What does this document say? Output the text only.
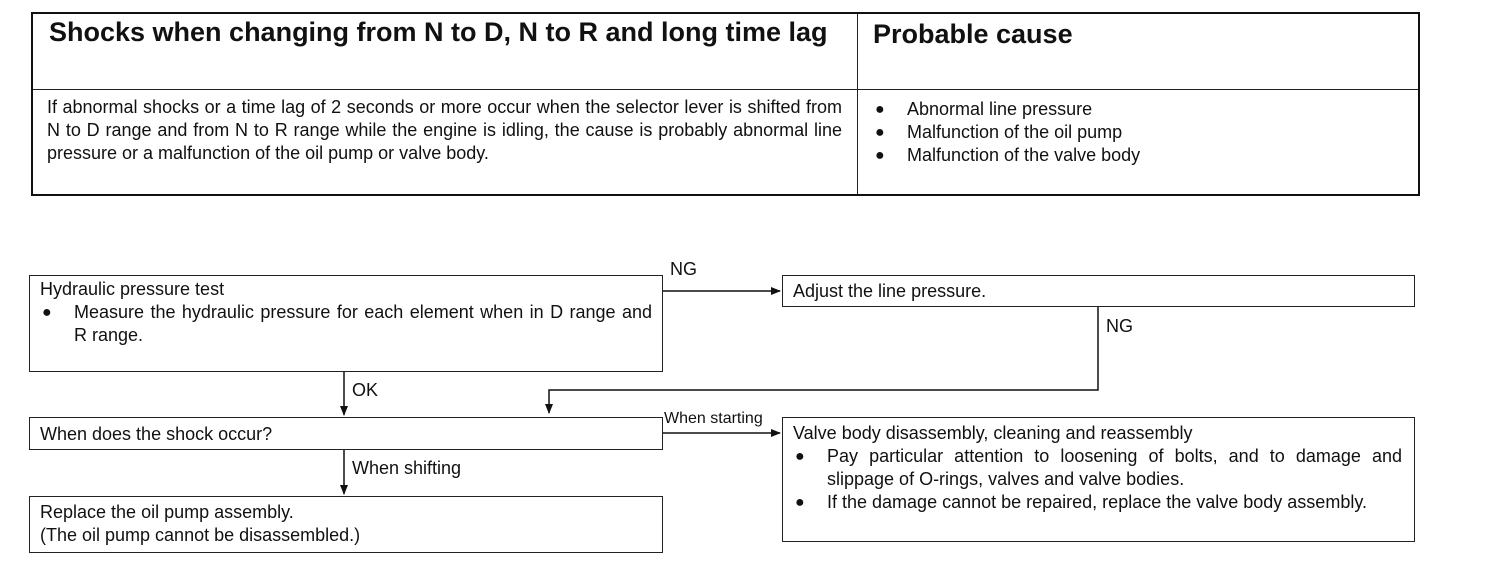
Shocks when changing from N to D, N to R and long time lag	Probable cause
If abnormal shocks or a time lag of 2 seconds or more occur when the selector lever is shifted from N to D range and from N to R range while the engine is idling, the cause is probably abnormal line pressure or a malfunction of the oil pump or valve body.
● Abnormal line pressure
● Malfunction of the oil pump
● Malfunction of the valve body
Hydraulic pressure test
● Measure the hydraulic pressure for each element when in D range and R range.
Adjust the line pressure.
When does the shock occur?
Replace the oil pump assembly.
(The oil pump cannot be disassembled.)
Valve body disassembly, cleaning and reassembly
● Pay particular attention to loosening of bolts, and to damage and slippage of O-rings, valves and valve bodies.
● If the damage cannot be repaired, replace the valve body assembly.
NG
NG
OK
When starting
When shifting
